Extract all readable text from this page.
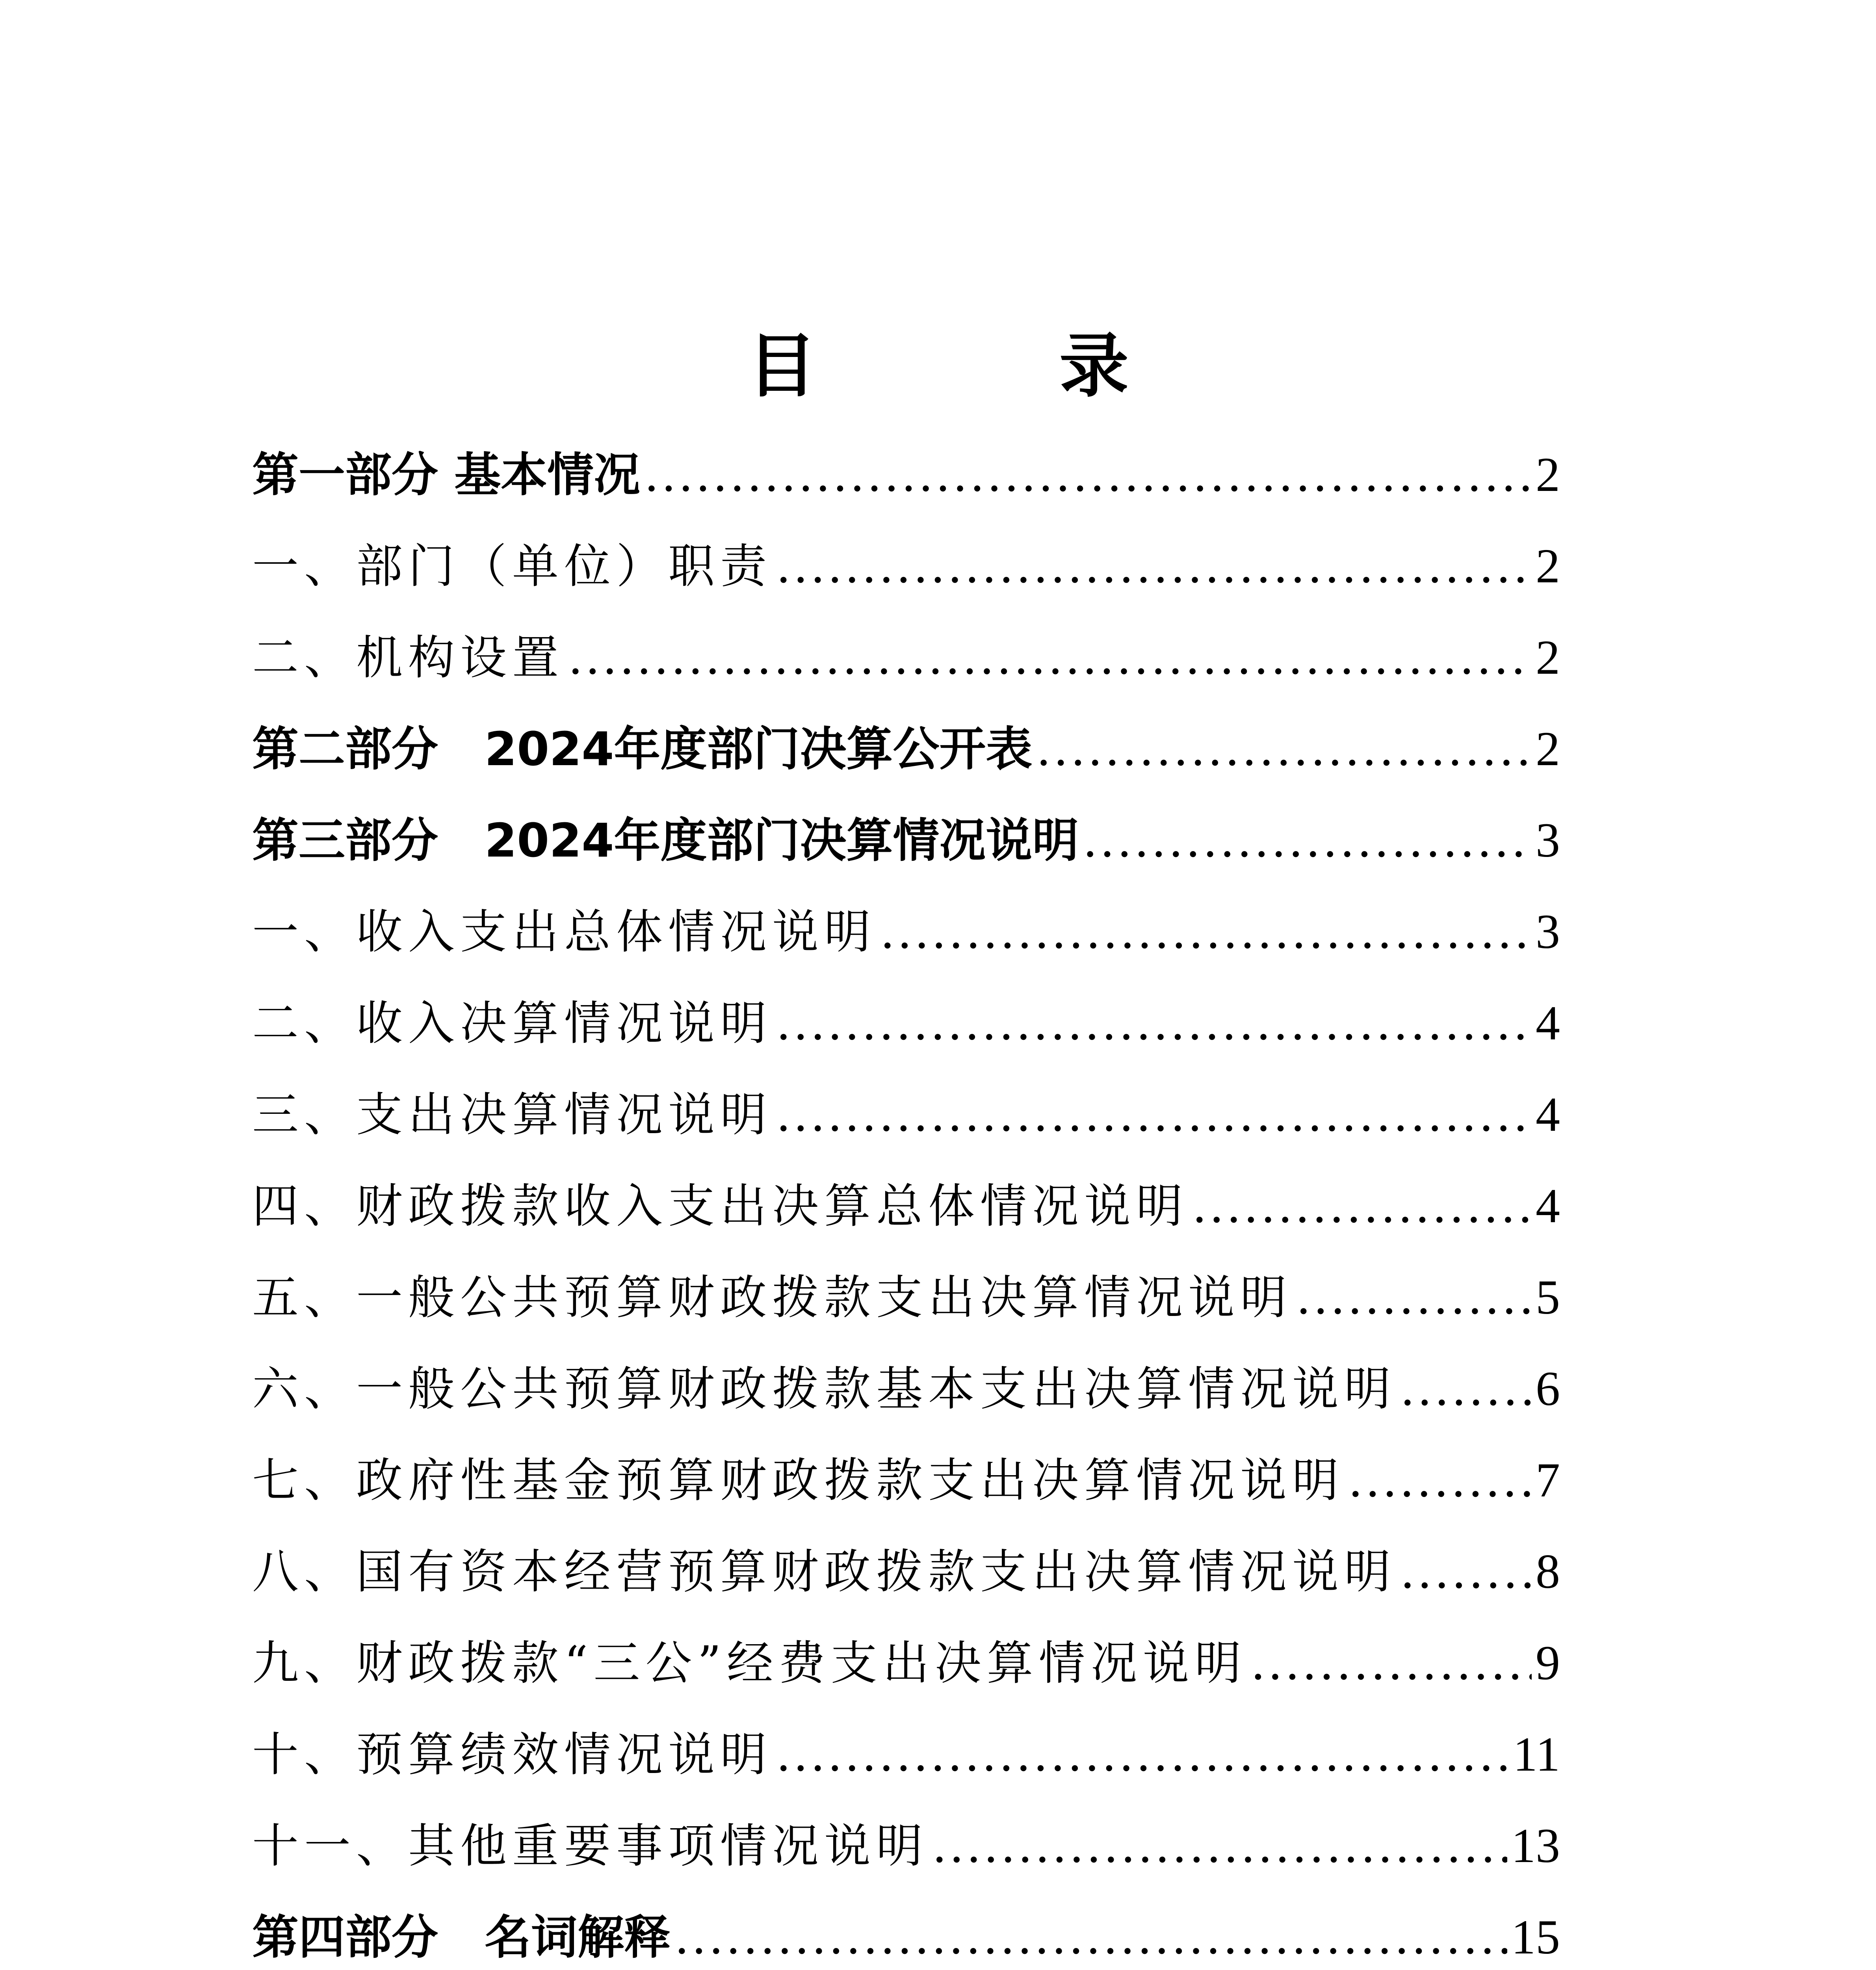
目　录
第一部分 基本情况 .....	2
一、部门（单位）职责 .....	2
二、机构设置 .....	2
第二部分　2024年度部门决算公开表 .....	2
第三部分　2024年度部门决算情况说明 .....	3
一、收入支出总体情况说明 .....	3
二、收入决算情况说明 .....	4
三、支出决算情况说明 .....	4
四、财政拨款收入支出决算总体情况说明 .....	4
五、一般公共预算财政拨款支出决算情况说明 .....	5
六、一般公共预算财政拨款基本支出决算情况说明 .....	6
七、政府性基金预算财政拨款支出决算情况说明 .....	7
八、国有资本经营预算财政拨款支出决算情况说明 .....	8
九、财政拨款“三公”经费支出决算情况说明 .....	9
十、预算绩效情况说明 .....	11
十一、其他重要事项情况说明 .....	13
第四部分　名词解释 .....	15
